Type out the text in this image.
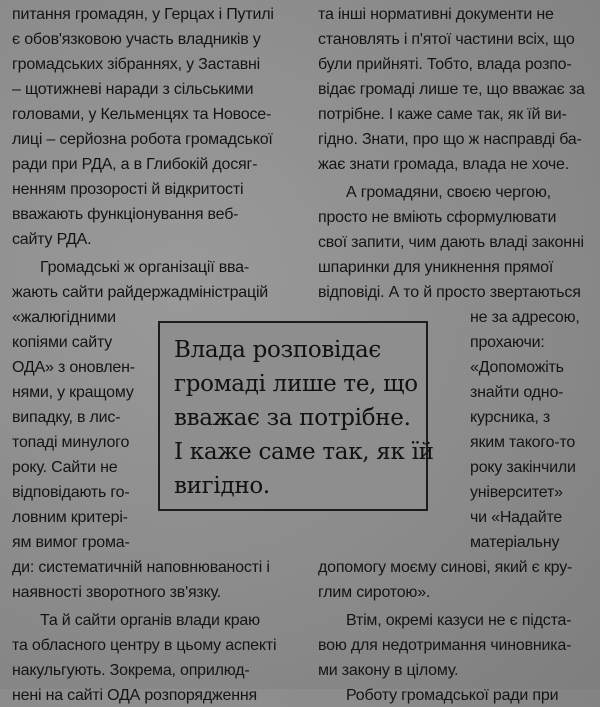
питання громадян, у Герцах і Путилі
є обов'язковою участь владників у
громадських зібраннях, у Заставні
– щотижневі наради з сільськими
головами, у Кельменцях та Новосе-
лиці – серйозна робота громадської
ради при РДА, а в Глибокій досяг-
ненням прозорості й відкритості
вважають функціонування веб-
сайту РДА.
Громадські ж організації вва-
жають сайти райдержадміністрацій
«жалюгідними
копіями сайту
ОДА» з оновлен-
нями, у кращому
випадку, в лис-
топаді минулого
року. Сайти не
відповідають го-
ловним критері-
ям вимог грома-
ди: систематичній наповнюваності і
наявності зворотного зв'язку.
Та й сайти органів влади краю
та обласного центру в цьому аспекті
накульгують. Зокрема, оприлюд-
нені на сайті ОДА розпорядження
та інші нормативні документи не
становлять і п'ятої частини всіх, що
були прийняті. Тобто, влада розпо-
відає громаді лише те, що вважає за
потрібне. І каже саме так, як їй ви-
гідно. Знати, про що ж насправді ба-
жає знати громада, влада не хоче.
А громадяни, своєю чергою,
просто не вміють сформулювати
свої запити, чим дають владі законні
шпаринки для уникнення прямої
відповіді. А то й просто звертаються
не за адресою,
прохаючи:
«Допоможіть
знайти одно-
курсника, з
яким такого-то
року закінчили
університет»
чи «Надайте
матеріальну
допомогу моєму синові, який є кру-
глим сиротою».
Втім, окремі казуси не є підста-
вою для недотримання чиновника-
ми закону в цілому.
Роботу громадської ради при
Влада розповідає
громаді лише те, що
вважає за потрібне.
І каже саме так, як їй
вигідно.
